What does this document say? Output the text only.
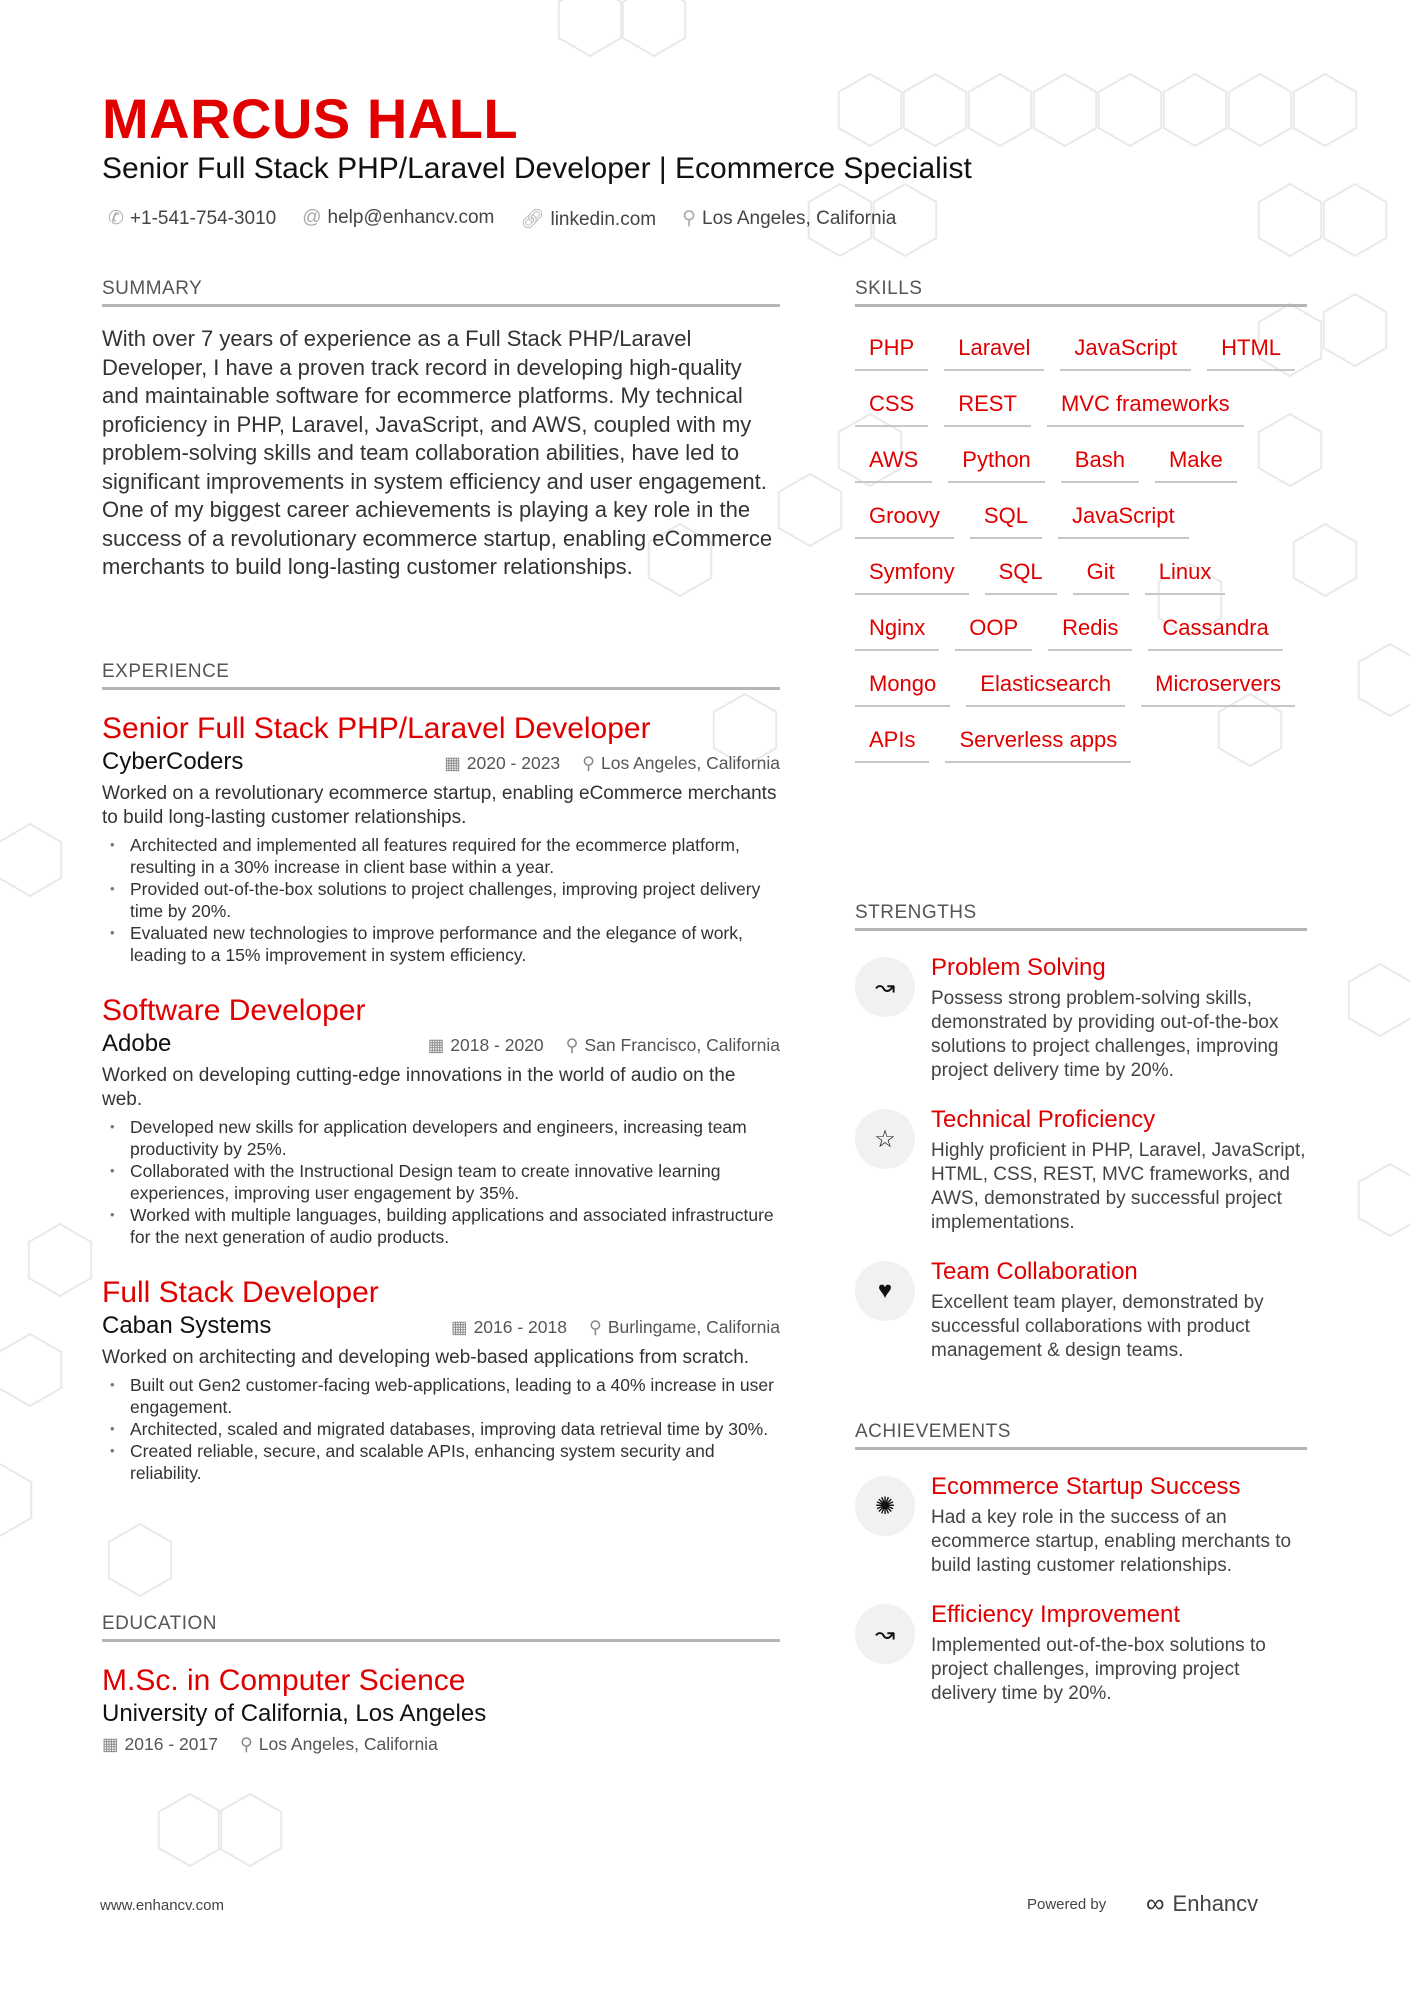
MARCUS HALL
Senior Full Stack PHP/Laravel Developer | Ecommerce Specialist
✆ +1-541-754-3010 @ help@enhancv.com 🔗︎ linkedin.com ⚲ Los Angeles, California
SUMMARY
With over 7 years of experience as a Full Stack PHP/Laravel Developer, I have a proven track record in developing high-quality and maintainable software for ecommerce platforms. My technical proficiency in PHP, Laravel, JavaScript, and AWS, coupled with my problem-solving skills and team collaboration abilities, have led to significant improvements in system efficiency and user engagement. One of my biggest career achievements is playing a key role in the success of a revolutionary ecommerce startup, enabling eCommerce merchants to build long-lasting customer relationships.
EXPERIENCE
Senior Full Stack PHP/Laravel Developer
CyberCoders	▦ 2020 - 2023 ⚲ Los Angeles, California
Worked on a revolutionary ecommerce startup, enabling eCommerce merchants to build long-lasting customer relationships.
• Architected and implemented all features required for the ecommerce platform, resulting in a 30% increase in client base within a year.
• Provided out-of-the-box solutions to project challenges, improving project delivery time by 20%.
• Evaluated new technologies to improve performance and the elegance of work, leading to a 15% improvement in system efficiency.
Software Developer
Adobe	▦ 2018 - 2020 ⚲ San Francisco, California
Worked on developing cutting-edge innovations in the world of audio on the web.
• Developed new skills for application developers and engineers, increasing team productivity by 25%.
• Collaborated with the Instructional Design team to create innovative learning experiences, improving user engagement by 35%.
• Worked with multiple languages, building applications and associated infrastructure for the next generation of audio products.
Full Stack Developer
Caban Systems	▦ 2016 - 2018 ⚲ Burlingame, California
Worked on architecting and developing web-based applications from scratch.
• Built out Gen2 customer-facing web-applications, leading to a 40% increase in user engagement.
• Architected, scaled and migrated databases, improving data retrieval time by 30%.
• Created reliable, secure, and scalable APIs, enhancing system security and reliability.
EDUCATION
M.Sc. in Computer Science
University of California, Los Angeles
▦ 2016 - 2017 ⚲ Los Angeles, California
SKILLS
PHP	Laravel	JavaScript	HTML
CSS	REST	MVC frameworks
AWS	Python	Bash	Make
Groovy	SQL	JavaScript
Symfony	SQL	Git	Linux
Nginx	OOP	Redis	Cassandra
Mongo	Elasticsearch	Microservers
APIs	Serverless apps
STRENGTHS
↝
Problem Solving
Possess strong problem-solving skills, demonstrated by providing out-of-the-box solutions to project challenges, improving project delivery time by 20%.
☆
Technical Proficiency
Highly proficient in PHP, Laravel, JavaScript, HTML, CSS, REST, MVC frameworks, and AWS, demonstrated by successful project implementations.
♥
Team Collaboration
Excellent team player, demonstrated by successful collaborations with product management & design teams.
ACHIEVEMENTS
✺
Ecommerce Startup Success
Had a key role in the success of an ecommerce startup, enabling merchants to build lasting customer relationships.
↝
Efficiency Improvement
Implemented out-of-the-box solutions to project challenges, improving project delivery time by 20%.
www.enhancv.com	Powered by ∞ Enhancv
